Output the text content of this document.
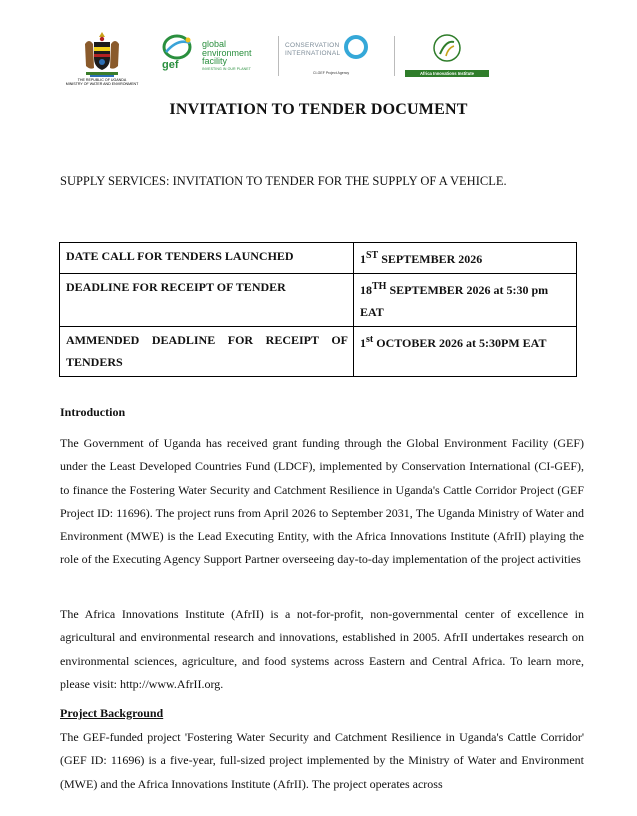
THE REPUBLIC OF UGANDA
MINISTRY OF WATER AND ENVIRONMENT
gef
global
environment
facility
INVESTING IN OUR PLANET
CONSERVATION
INTERNATIONAL
CI-GEF Project Agency	Africa Innovations Institute
INVITATION TO TENDER DOCUMENT

SUPPLY SERVICES: INVITATION TO TENDER FOR THE SUPPLY OF A VEHICLE.

DATE CALL FOR TENDERS LAUNCHED	1ST SEPTEMBER 2026
DEADLINE FOR RECEIPT OF TENDER	18TH SEPTEMBER 2026 at 5:30 pm EAT
AMMENDED DEADLINE FOR RECEIPT OF TENDERS	1st OCTOBER 2026 at 5:30PM EAT

Introduction

The Government of Uganda has received grant funding through the Global Environment Facility (GEF) under the Least Developed Countries Fund (LDCF), implemented by Conservation International (CI-GEF), to finance the Fostering Water Security and Catchment Resilience in Uganda's Cattle Corridor Project (GEF Project ID: 11696). The project runs from April 2026 to September 2031, The Uganda Ministry of Water and Environment (MWE) is the Lead Executing Entity, with the Africa Innovations Institute (AfrII) playing the role of the Executing Agency Support Partner overseeing day-to-day implementation of the project activities

The Africa Innovations Institute (AfrII) is a not-for-profit, non-governmental center of excellence in agricultural and environmental research and innovations, established in 2005. AfrII undertakes research on environmental sciences, agriculture, and food systems across Eastern and Central Africa. To learn more, please visit: http://www.AfrII.org.

Project Background

The GEF-funded project 'Fostering Water Security and Catchment Resilience in Uganda's Cattle Corridor' (GEF ID: 11696) is a five-year, full-sized project implemented by the Ministry of Water and Environment (MWE) and the Africa Innovations Institute (AfrII). The project operates across
